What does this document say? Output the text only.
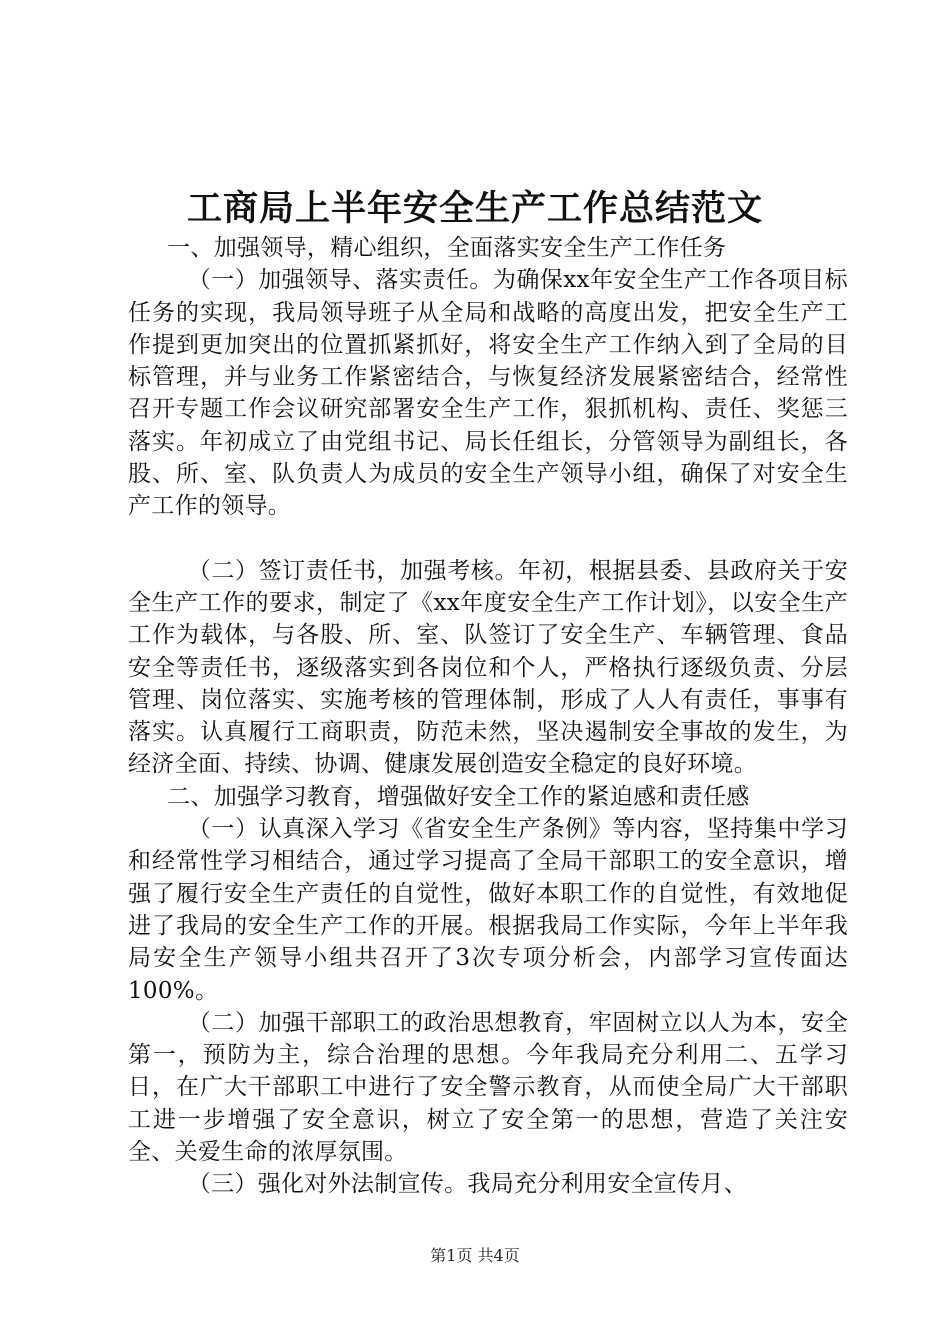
工商局上半年安全生产工作总结范文

一、加强领导，精心组织，全面落实安全生产工作任务

（一）加强领导、落实责任。为确保xx年安全生产工作各项目标任务的实现，我局领导班子从全局和战略的高度出发，把安全生产工作提到更加突出的位置抓紧抓好，将安全生产工作纳入到了全局的目标管理，并与业务工作紧密结合，与恢复经济发展紧密结合，经常性召开专题工作会议研究部署安全生产工作，狠抓机构、责任、奖惩三落实。年初成立了由党组书记、局长任组长，分管领导为副组长，各股、所、室、队负责人为成员的安全生产领导小组，确保了对安全生产工作的领导。

（二）签订责任书，加强考核。年初，根据县委、县政府关于安全生产工作的要求，制定了《xx年度安全生产工作计划》，以安全生产工作为载体，与各股、所、室、队签订了安全生产、车辆管理、食品安全等责任书，逐级落实到各岗位和个人，严格执行逐级负责、分层管理、岗位落实、实施考核的管理体制，形成了人人有责任，事事有落实。认真履行工商职责，防范未然，坚决遏制安全事故的发生，为经济全面、持续、协调、健康发展创造安全稳定的良好环境。

二、加强学习教育，增强做好安全工作的紧迫感和责任感

（一）认真深入学习《省安全生产条例》等内容，坚持集中学习和经常性学习相结合，通过学习提高了全局干部职工的安全意识，增强了履行安全生产责任的自觉性，做好本职工作的自觉性，有效地促进了我局的安全生产工作的开展。根据我局工作实际，今年上半年我局安全生产领导小组共召开了3次专项分析会，内部学习宣传面达100%。

（二）加强干部职工的政治思想教育，牢固树立以人为本，安全第一，预防为主，综合治理的思想。今年我局充分利用二、五学习日，在广大干部职工中进行了安全警示教育，从而使全局广大干部职工进一步增强了安全意识，树立了安全第一的思想，营造了关注安全、关爱生命的浓厚氛围。

（三）强化对外法制宣传。我局充分利用安全宣传月、

第1页 共4页
